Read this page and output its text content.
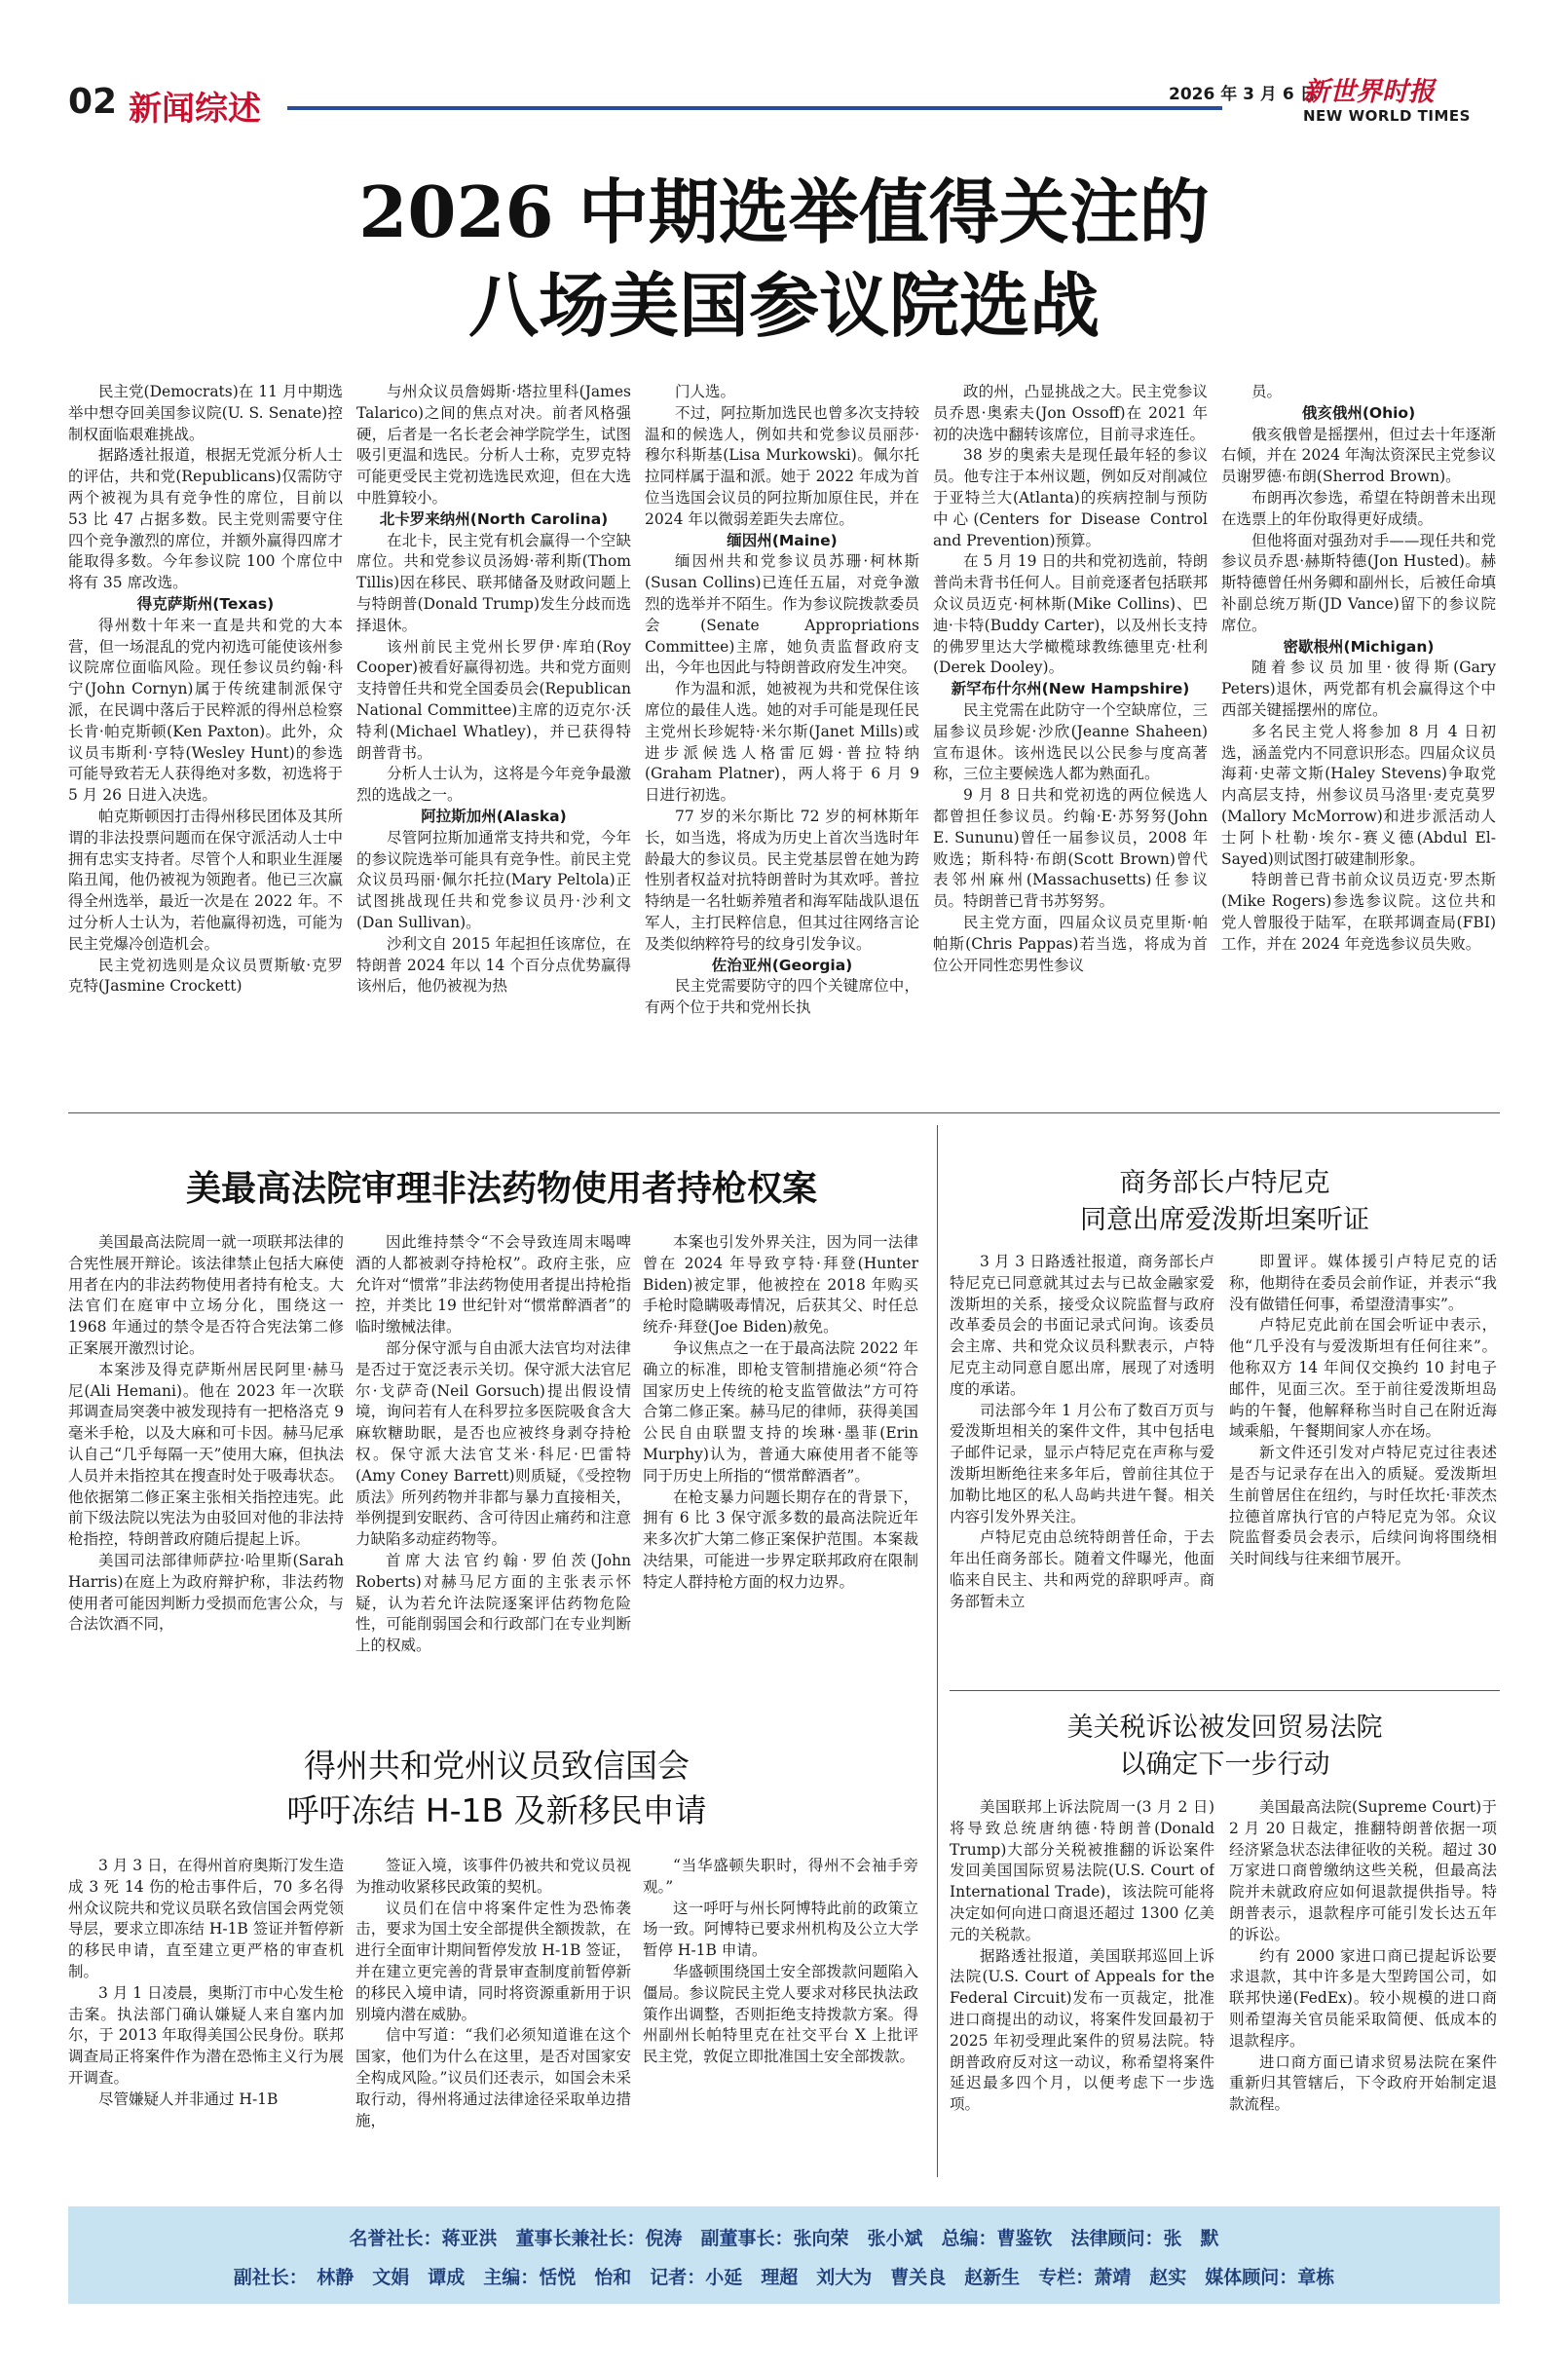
02 新闻综述	2026 年 3 月 6 日
新世界时报
NEW WORLD TIMES
2026 中期选举值得关注的
八场美国参议院选战

民主党(Democrats)在 11 月中期选举中想夺回美国参议院(U. S. Senate)控制权面临艰难挑战。

据路透社报道，根据无党派分析人士的评估，共和党(Republicans)仅需防守两个被视为具有竞争性的席位，目前以 53 比 47 占据多数。民主党则需要守住四个竞争激烈的席位，并额外赢得四席才能取得多数。今年参议院 100 个席位中将有 35 席改选。

得克萨斯州(Texas)

得州数十年来一直是共和党的大本营，但一场混乱的党内初选可能使该州参议院席位面临风险。现任参议员约翰·科宁(John Cornyn)属于传统建制派保守派，在民调中落后于民粹派的得州总检察长肯·帕克斯顿(Ken Paxton)。此外，众议员韦斯利·亨特(Wesley Hunt)的参选可能导致若无人获得绝对多数，初选将于 5 月 26 日进入决选。

帕克斯顿因打击得州移民团体及其所谓的非法投票问题而在保守派活动人士中拥有忠实支持者。尽管个人和职业生涯屡陷丑闻，他仍被视为领跑者。他已三次赢得全州选举，最近一次是在 2022 年。不过分析人士认为，若他赢得初选，可能为民主党爆冷创造机会。

民主党初选则是众议员贾斯敏·克罗克特(Jasmine Crockett)

与州众议员詹姆斯·塔拉里科(James Talarico)之间的焦点对决。前者风格强硬，后者是一名长老会神学院学生，试图吸引更温和选民。分析人士称，克罗克特可能更受民主党初选选民欢迎，但在大选中胜算较小。

北卡罗来纳州(North Carolina)

在北卡，民主党有机会赢得一个空缺席位。共和党参议员汤姆·蒂利斯(Thom Tillis)因在移民、联邦储备及财政问题上与特朗普(Donald Trump)发生分歧而选择退休。

该州前民主党州长罗伊·库珀(Roy Cooper)被看好赢得初选。共和党方面则支持曾任共和党全国委员会(Republican National Committee)主席的迈克尔·沃特利(Michael Whatley)，并已获得特朗普背书。

分析人士认为，这将是今年竞争最激烈的选战之一。

阿拉斯加州(Alaska)

尽管阿拉斯加通常支持共和党，今年的参议院选举可能具有竞争性。前民主党众议员玛丽·佩尔托拉(Mary Peltola)正试图挑战现任共和党参议员丹·沙利文(Dan Sullivan)。

沙利文自 2015 年起担任该席位，在特朗普 2024 年以 14 个百分点优势赢得该州后，他仍被视为热

门人选。

不过，阿拉斯加选民也曾多次支持较温和的候选人，例如共和党参议员丽莎·穆尔科斯基(Lisa Murkowski)。佩尔托拉同样属于温和派。她于 2022 年成为首位当选国会议员的阿拉斯加原住民，并在 2024 年以微弱差距失去席位。

缅因州(Maine)

缅因州共和党参议员苏珊·柯林斯(Susan Collins)已连任五届，对竞争激烈的选举并不陌生。作为参议院拨款委员会(Senate Appropriations Committee)主席，她负责监督政府支出，今年也因此与特朗普政府发生冲突。

作为温和派，她被视为共和党保住该席位的最佳人选。她的对手可能是现任民主党州长珍妮特·米尔斯(Janet Mills)或进步派候选人格雷厄姆·普拉特纳(Graham Platner)，两人将于 6 月 9 日进行初选。

77 岁的米尔斯比 72 岁的柯林斯年长，如当选，将成为历史上首次当选时年龄最大的参议员。民主党基层曾在她为跨性别者权益对抗特朗普时为其欢呼。普拉特纳是一名牡蛎养殖者和海军陆战队退伍军人，主打民粹信息，但其过往网络言论及类似纳粹符号的纹身引发争议。

佐治亚州(Georgia)

民主党需要防守的四个关键席位中，有两个位于共和党州长执

政的州，凸显挑战之大。民主党参议员乔恩·奥索夫(Jon Ossoff)在 2021 年初的决选中翻转该席位，目前寻求连任。

38 岁的奥索夫是现任最年轻的参议员。他专注于本州议题，例如反对削减位于亚特兰大(Atlanta)的疾病控制与预防中心(Centers for Disease Control and Prevention)预算。

在 5 月 19 日的共和党初选前，特朗普尚未背书任何人。目前竞逐者包括联邦众议员迈克·柯林斯(Mike Collins)、巴迪·卡特(Buddy Carter)，以及州长支持的佛罗里达大学橄榄球教练德里克·杜利(Derek Dooley)。

新罕布什尔州(New Hampshire)

民主党需在此防守一个空缺席位，三届参议员珍妮·沙欣(Jeanne Shaheen)宣布退休。该州选民以公民参与度高著称，三位主要候选人都为熟面孔。

9 月 8 日共和党初选的两位候选人都曾担任参议员。约翰·E·苏努努(John E. Sununu)曾任一届参议员，2008 年败选；斯科特·布朗(Scott Brown)曾代表邻州麻州(Massachusetts)任参议员。特朗普已背书苏努努。

民主党方面，四届众议员克里斯·帕帕斯(Chris Pappas)若当选，将成为首位公开同性恋男性参议

员。

俄亥俄州(Ohio)

俄亥俄曾是摇摆州，但过去十年逐渐右倾，并在 2024 年淘汰资深民主党参议员谢罗德·布朗(Sherrod Brown)。

布朗再次参选，希望在特朗普未出现在选票上的年份取得更好成绩。

但他将面对强劲对手——现任共和党参议员乔恩·赫斯特德(Jon Husted)。赫斯特德曾任州务卿和副州长，后被任命填补副总统万斯(JD Vance)留下的参议院席位。

密歇根州(Michigan)

随着参议员加里·彼得斯(Gary Peters)退休，两党都有机会赢得这个中西部关键摇摆州的席位。

多名民主党人将参加 8 月 4 日初选，涵盖党内不同意识形态。四届众议员海莉·史蒂文斯(Haley Stevens)争取党内高层支持，州参议员马洛里·麦克莫罗(Mallory McMorrow)和进步派活动人士阿卜杜勒·埃尔-赛义德(Abdul El-Sayed)则试图打破建制形象。

特朗普已背书前众议员迈克·罗杰斯(Mike Rogers)参选参议院。这位共和党人曾服役于陆军，在联邦调查局(FBI)工作，并在 2024 年竞选参议员失败。

美最高法院审理非法药物使用者持枪权案

美国最高法院周一就一项联邦法律的合宪性展开辩论。该法律禁止包括大麻使用者在内的非法药物使用者持有枪支。大法官们在庭审中立场分化，围绕这一 1968 年通过的禁令是否符合宪法第二修正案展开激烈讨论。

本案涉及得克萨斯州居民阿里·赫马尼(Ali Hemani)。他在 2023 年一次联邦调查局突袭中被发现持有一把格洛克 9 毫米手枪，以及大麻和可卡因。赫马尼承认自己“几乎每隔一天”使用大麻，但执法人员并未指控其在搜查时处于吸毒状态。他依据第二修正案主张相关指控违宪。此前下级法院以宪法为由驳回对他的非法持枪指控，特朗普政府随后提起上诉。

美国司法部律师萨拉·哈里斯(Sarah Harris)在庭上为政府辩护称，非法药物使用者可能因判断力受损而危害公众，与合法饮酒不同，

因此维持禁令“不会导致连周末喝啤酒的人都被剥夺持枪权”。政府主张，应允许对“惯常”非法药物使用者提出持枪指控，并类比 19 世纪针对“惯常醉酒者”的临时缴械法律。

部分保守派与自由派大法官均对法律是否过于宽泛表示关切。保守派大法官尼尔·戈萨奇(Neil Gorsuch)提出假设情境，询问若有人在科罗拉多医院吸食含大麻软糖助眠，是否也应被终身剥夺持枪权。保守派大法官艾米·科尼·巴雷特(Amy Coney Barrett)则质疑，《受控物质法》所列药物并非都与暴力直接相关，举例提到安眠药、含可待因止痛药和注意力缺陷多动症药物等。

首席大法官约翰·罗伯茨(John Roberts)对赫马尼方面的主张表示怀疑，认为若允许法院逐案评估药物危险性，可能削弱国会和行政部门在专业判断上的权威。

本案也引发外界关注，因为同一法律曾在 2024 年导致亨特·拜登(Hunter Biden)被定罪，他被控在 2018 年购买手枪时隐瞒吸毒情况，后获其父、时任总统乔·拜登(Joe Biden)赦免。

争议焦点之一在于最高法院 2022 年确立的标准，即枪支管制措施必须“符合国家历史上传统的枪支监管做法”方可符合第二修正案。赫马尼的律师，获得美国公民自由联盟支持的埃琳·墨菲(Erin Murphy)认为，普通大麻使用者不能等同于历史上所指的“惯常醉酒者”。

在枪支暴力问题长期存在的背景下，拥有 6 比 3 保守派多数的最高法院近年来多次扩大第二修正案保护范围。本案裁决结果，可能进一步界定联邦政府在限制特定人群持枪方面的权力边界。

商务部长卢特尼克
同意出席爱泼斯坦案听证

3 月 3 日路透社报道，商务部长卢特尼克已同意就其过去与已故金融家爱泼斯坦的关系，接受众议院监督与政府改革委员会的书面记录式问询。该委员会主席、共和党众议员科默表示，卢特尼克主动同意自愿出席，展现了对透明度的承诺。

司法部今年 1 月公布了数百万页与爱泼斯坦相关的案件文件，其中包括电子邮件记录，显示卢特尼克在声称与爱泼斯坦断绝往来多年后，曾前往其位于加勒比地区的私人岛屿共进午餐。相关内容引发外界关注。

卢特尼克由总统特朗普任命，于去年出任商务部长。随着文件曝光，他面临来自民主、共和两党的辞职呼声。商务部暂未立

即置评。媒体援引卢特尼克的话称，他期待在委员会前作证，并表示“我没有做错任何事，希望澄清事实”。

卢特尼克此前在国会听证中表示，他“几乎没有与爱泼斯坦有任何往来”。他称双方 14 年间仅交换约 10 封电子邮件，见面三次。至于前往爱泼斯坦岛屿的午餐，他解释称当时自己在附近海域乘船，午餐期间家人亦在场。

新文件还引发对卢特尼克过往表述是否与记录存在出入的质疑。爱泼斯坦生前曾居住在纽约，与时任坎托·菲茨杰拉德首席执行官的卢特尼克为邻。众议院监督委员会表示，后续问询将围绕相关时间线与往来细节展开。

得州共和党州议员致信国会
呼吁冻结 H-1B 及新移民申请

3 月 3 日，在得州首府奥斯汀发生造成 3 死 14 伤的枪击事件后，70 多名得州众议院共和党议员联名致信国会两党领导层，要求立即冻结 H-1B 签证并暂停新的移民申请，直至建立更严格的审查机制。

3 月 1 日凌晨，奥斯汀市中心发生枪击案。执法部门确认嫌疑人来自塞内加尔，于 2013 年取得美国公民身份。联邦调查局正将案件作为潜在恐怖主义行为展开调查。

尽管嫌疑人并非通过 H-1B

签证入境，该事件仍被共和党议员视为推动收紧移民政策的契机。

议员们在信中将案件定性为恐怖袭击，要求为国土安全部提供全额拨款，在进行全面审计期间暂停发放 H-1B 签证，并在建立更完善的背景审查制度前暂停新的移民入境申请，同时将资源重新用于识别境内潜在威胁。

信中写道：“我们必须知道谁在这个国家，他们为什么在这里，是否对国家安全构成风险。”议员们还表示，如国会未采取行动，得州将通过法律途径采取单边措施，

“当华盛顿失职时，得州不会袖手旁观。”

这一呼吁与州长阿博特此前的政策立场一致。阿博特已要求州机构及公立大学暂停 H-1B 申请。

华盛顿围绕国土安全部拨款问题陷入僵局。参议院民主党人要求对移民执法政策作出调整，否则拒绝支持拨款方案。得州副州长帕特里克在社交平台 X 上批评民主党，敦促立即批准国土安全部拨款。

美关税诉讼被发回贸易法院
以确定下一步行动

美国联邦上诉法院周一(3 月 2 日)将导致总统唐纳德·特朗普(Donald Trump)大部分关税被推翻的诉讼案件发回美国国际贸易法院(U.S. Court of International Trade)，该法院可能将决定如何向进口商退还超过 1300 亿美元的关税款。

据路透社报道，美国联邦巡回上诉法院(U.S. Court of Appeals for the Federal Circuit)发布一页裁定，批准进口商提出的动议，将案件发回最初于 2025 年初受理此案件的贸易法院。特朗普政府反对这一动议，称希望将案件延迟最多四个月，以便考虑下一步选项。

美国最高法院(Supreme Court)于 2 月 20 日裁定，推翻特朗普依据一项经济紧急状态法律征收的关税。超过 30 万家进口商曾缴纳这些关税，但最高法院并未就政府应如何退款提供指导。特朗普表示，退款程序可能引发长达五年的诉讼。

约有 2000 家进口商已提起诉讼要求退款，其中许多是大型跨国公司，如联邦快递(FedEx)。较小规模的进口商则希望海关官员能采取简便、低成本的退款程序。

进口商方面已请求贸易法院在案件重新归其管辖后，下令政府开始制定退款流程。

名誉社长：蒋亚洪　董事长兼社长：倪涛　副董事长：张向荣　张小斌　总编：曹鉴钦　法律顾问：张　默
副社长：　林静　文娟　谭成　主编：恬悦　怡和　记者：小延　理超　刘大为　曹关良　赵新生　专栏：萧靖　赵实　媒体顾问：章栋
